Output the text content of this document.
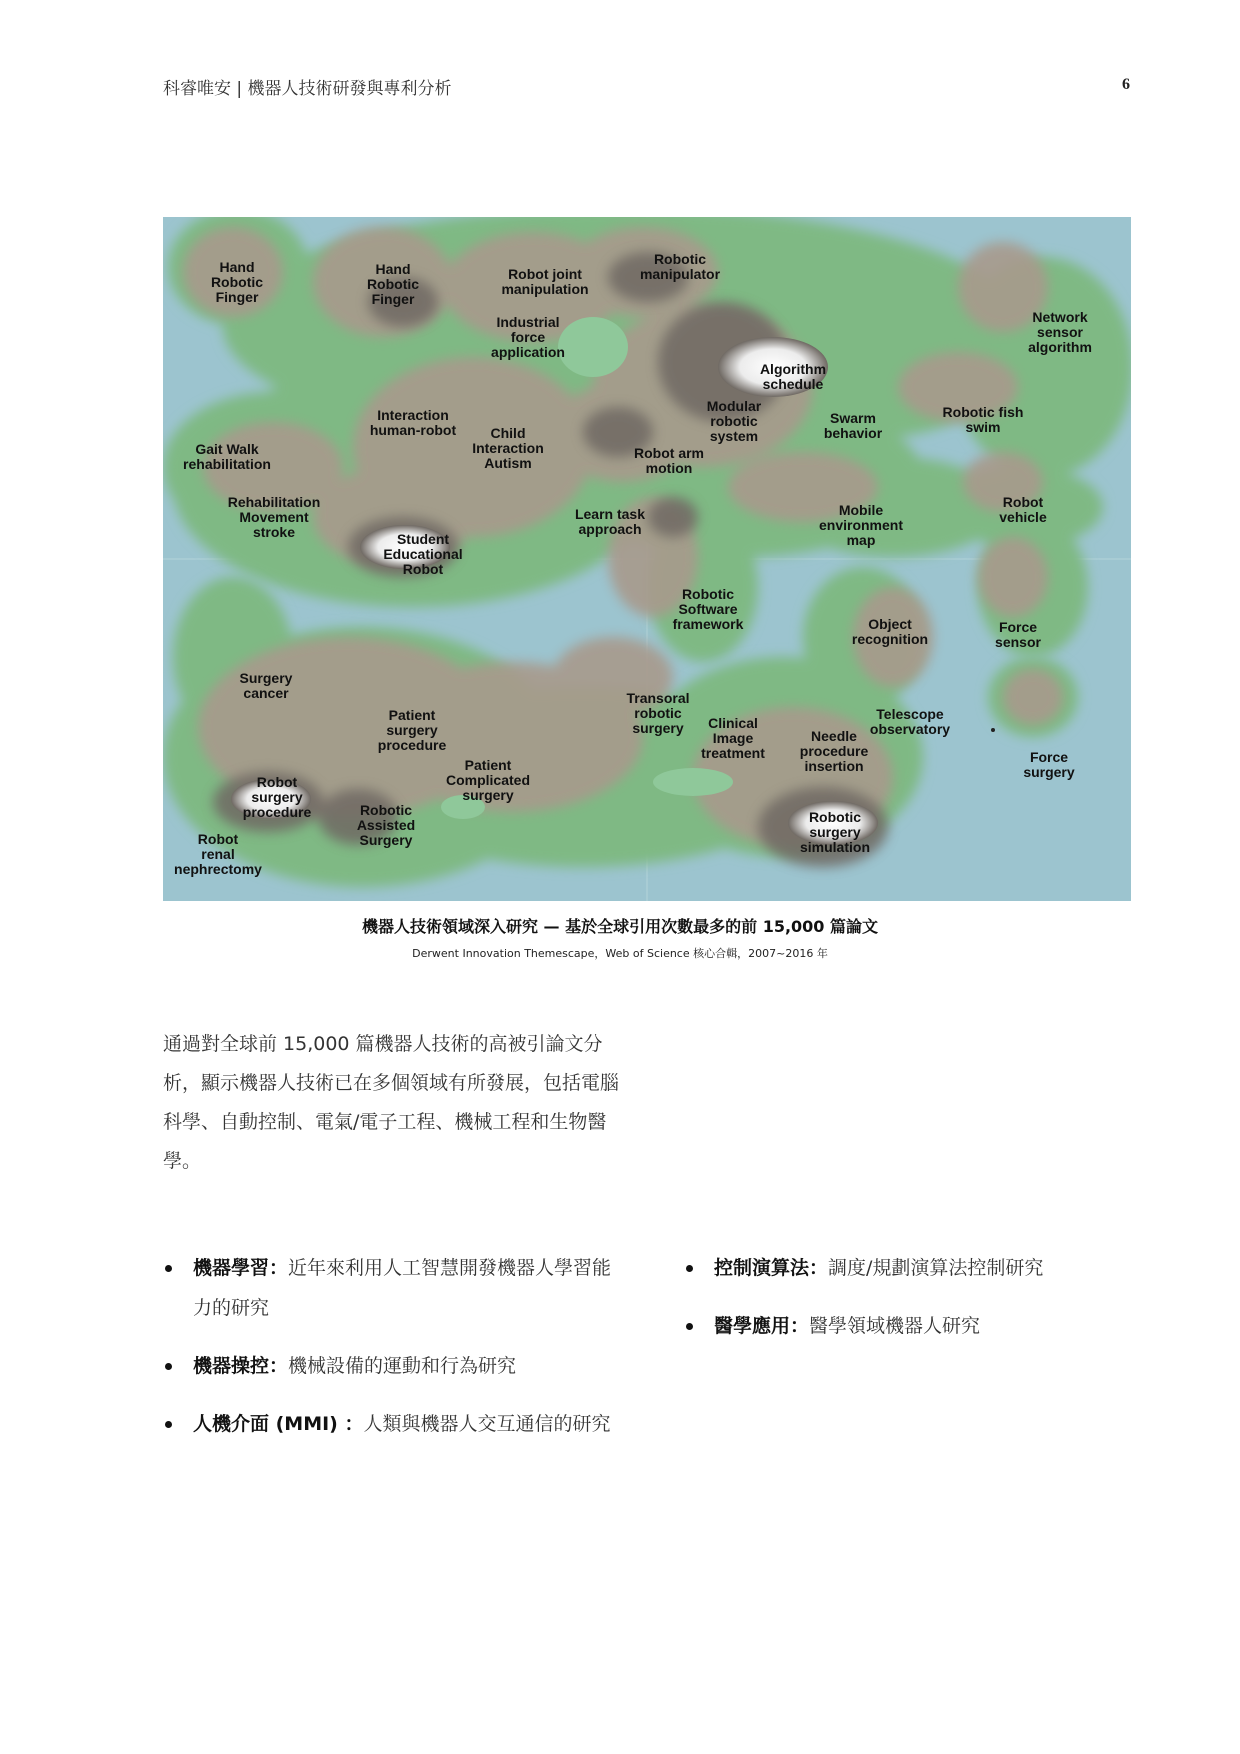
科睿唯安 | 機器人技術研發與專利分析	6
Hand Robotic Finger
Hand Robotic Finger
Robot joint manipulation
Robotic manipulator
Network sensor algorithm
Industrial force application
Algorithm schedule
Interaction human-robot
Modular robotic system
Swarm behavior
Robotic fish swim
Gait Walk rehabilitation
Child Interaction Autism
Robot arm motion
Rehabilitation Movement stroke
Learn task approach
Mobile environment map
Robot vehicle
Student Educational Robot
Robotic Software framework	Object recognition
Force sensor
Surgery cancer	Transoral robotic surgery
Patient surgery procedure
Clinical Image treatment
Telescope observatory
Needle procedure insertion
Patient Complicated surgery
Force surgery
Robot surgery procedure	Robotic Assisted Surgery
Robotic surgery simulation
Robot renal nephrectomy
機器人技術領域深入研究 — 基於全球引用次數最多的前 15,000 篇論文
Derwent Innovation Themescape，Web of Science 核心合輯，2007~2016 年
通過對全球前 15,000 篇機器人技術的高被引論文分析，顯示機器人技術已在多個領域有所發展，包括電腦科學、自動控制、電氣/電子工程、機械工程和生物醫學。
機器學習：近年來利用人工智慧開發機器人學習能力的研究
機器操控：機械設備的運動和行為研究
人機介面 (MMI) ：人類與機器人交互通信的研究
控制演算法：調度/規劃演算法控制研究
醫學應用：醫學領域機器人研究
